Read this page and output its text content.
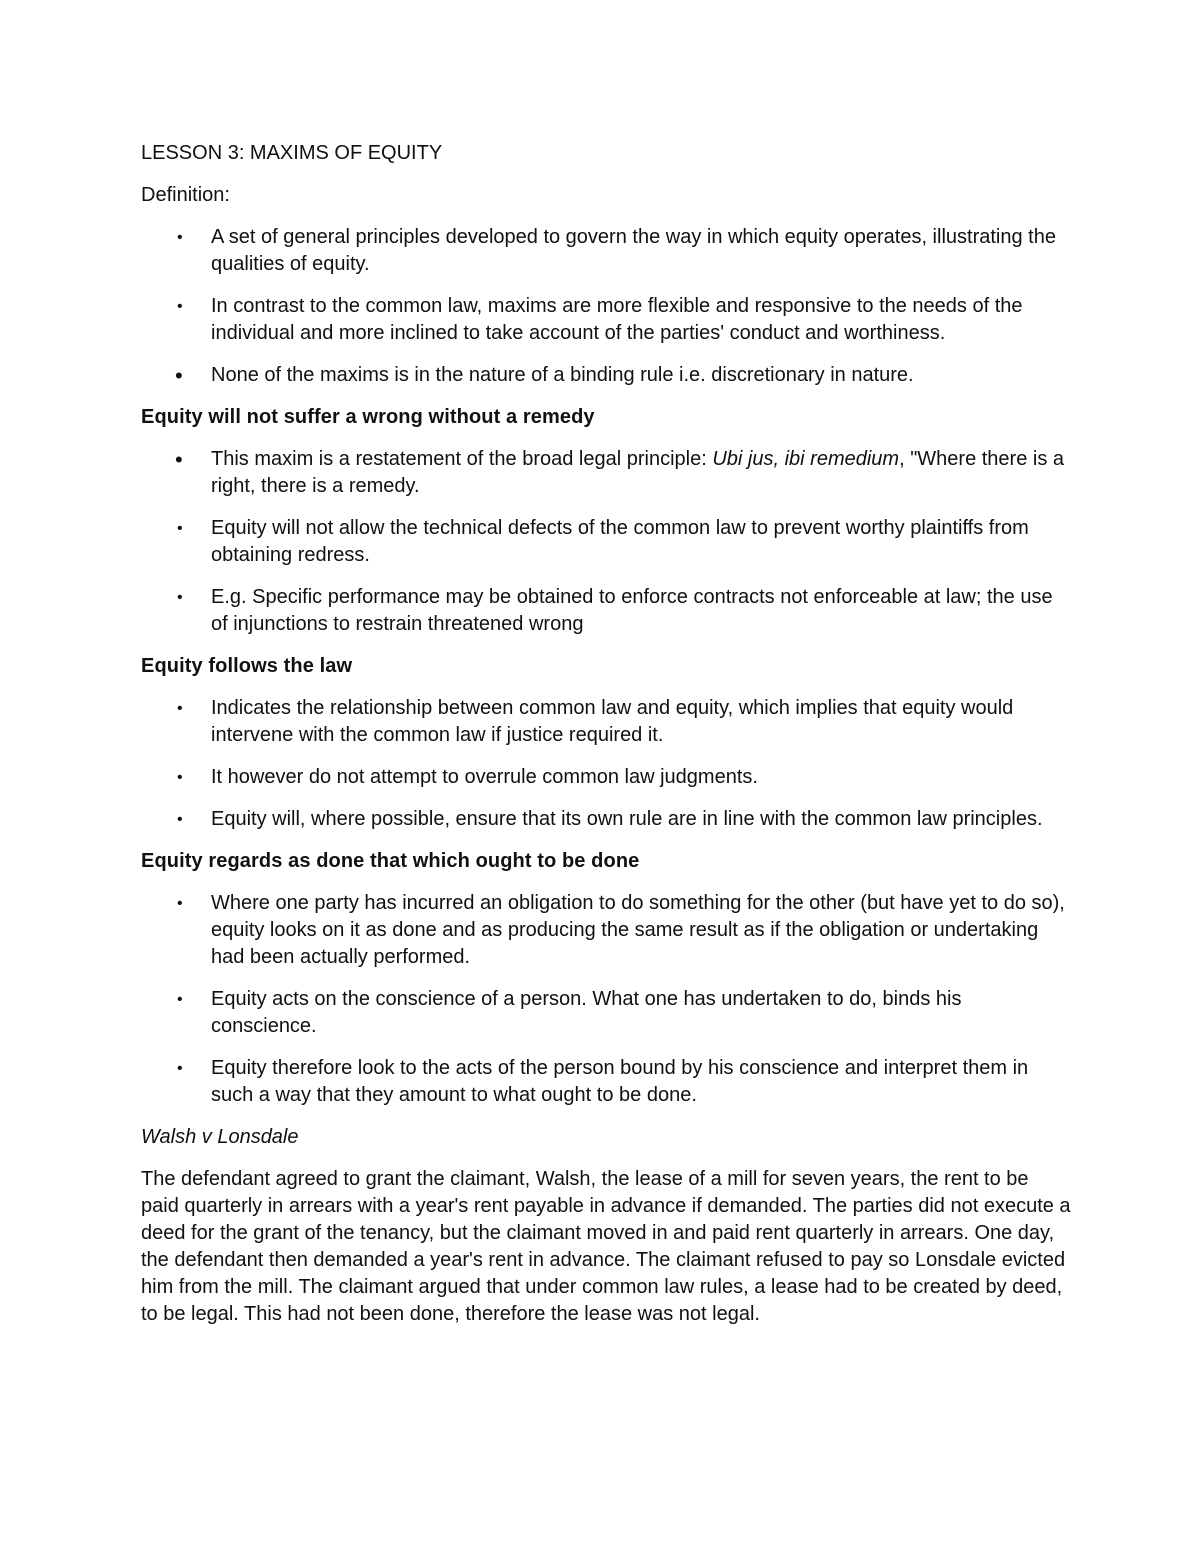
LESSON 3: MAXIMS OF EQUITY

Definition:

• A set of general principles developed to govern the way in which equity operates, illustrating the qualities of equity.
• In contrast to the common law, maxims are more flexible and responsive to the needs of the individual and more inclined to take account of the parties' conduct and worthiness.
• None of the maxims is in the nature of a binding rule i.e. discretionary in nature.

Equity will not suffer a wrong without a remedy

• This maxim is a restatement of the broad legal principle: Ubi jus, ibi remedium, "Where there is a right, there is a remedy.
• Equity will not allow the technical defects of the common law to prevent worthy plaintiffs from obtaining redress.
• E.g. Specific performance may be obtained to enforce contracts not enforceable at law; the use of injunctions to restrain threatened wrong

Equity follows the law

• Indicates the relationship between common law and equity, which implies that equity would intervene with the common law if justice required it.
• It however do not attempt to overrule common law judgments.
• Equity will, where possible, ensure that its own rule are in line with the common law principles.

Equity regards as done that which ought to be done

• Where one party has incurred an obligation to do something for the other (but have yet to do so), equity looks on it as done and as producing the same result as if the obligation or undertaking had been actually performed.
• Equity acts on the conscience of a person. What one has undertaken to do, binds his conscience.
• Equity therefore look to the acts of the person bound by his conscience and interpret them in such a way that they amount to what ought to be done.

Walsh v Lonsdale

The defendant agreed to grant the claimant, Walsh, the lease of a mill for seven years, the rent to be paid quarterly in arrears with a year's rent payable in advance if demanded. The parties did not execute a deed for the grant of the tenancy, but the claimant moved in and paid rent quarterly in arrears. One day, the defendant then demanded a year's rent in advance. The claimant refused to pay so Lonsdale evicted him from the mill. The claimant argued that under common law rules, a lease had to be created by deed, to be legal. This had not been done, therefore the lease was not legal.
